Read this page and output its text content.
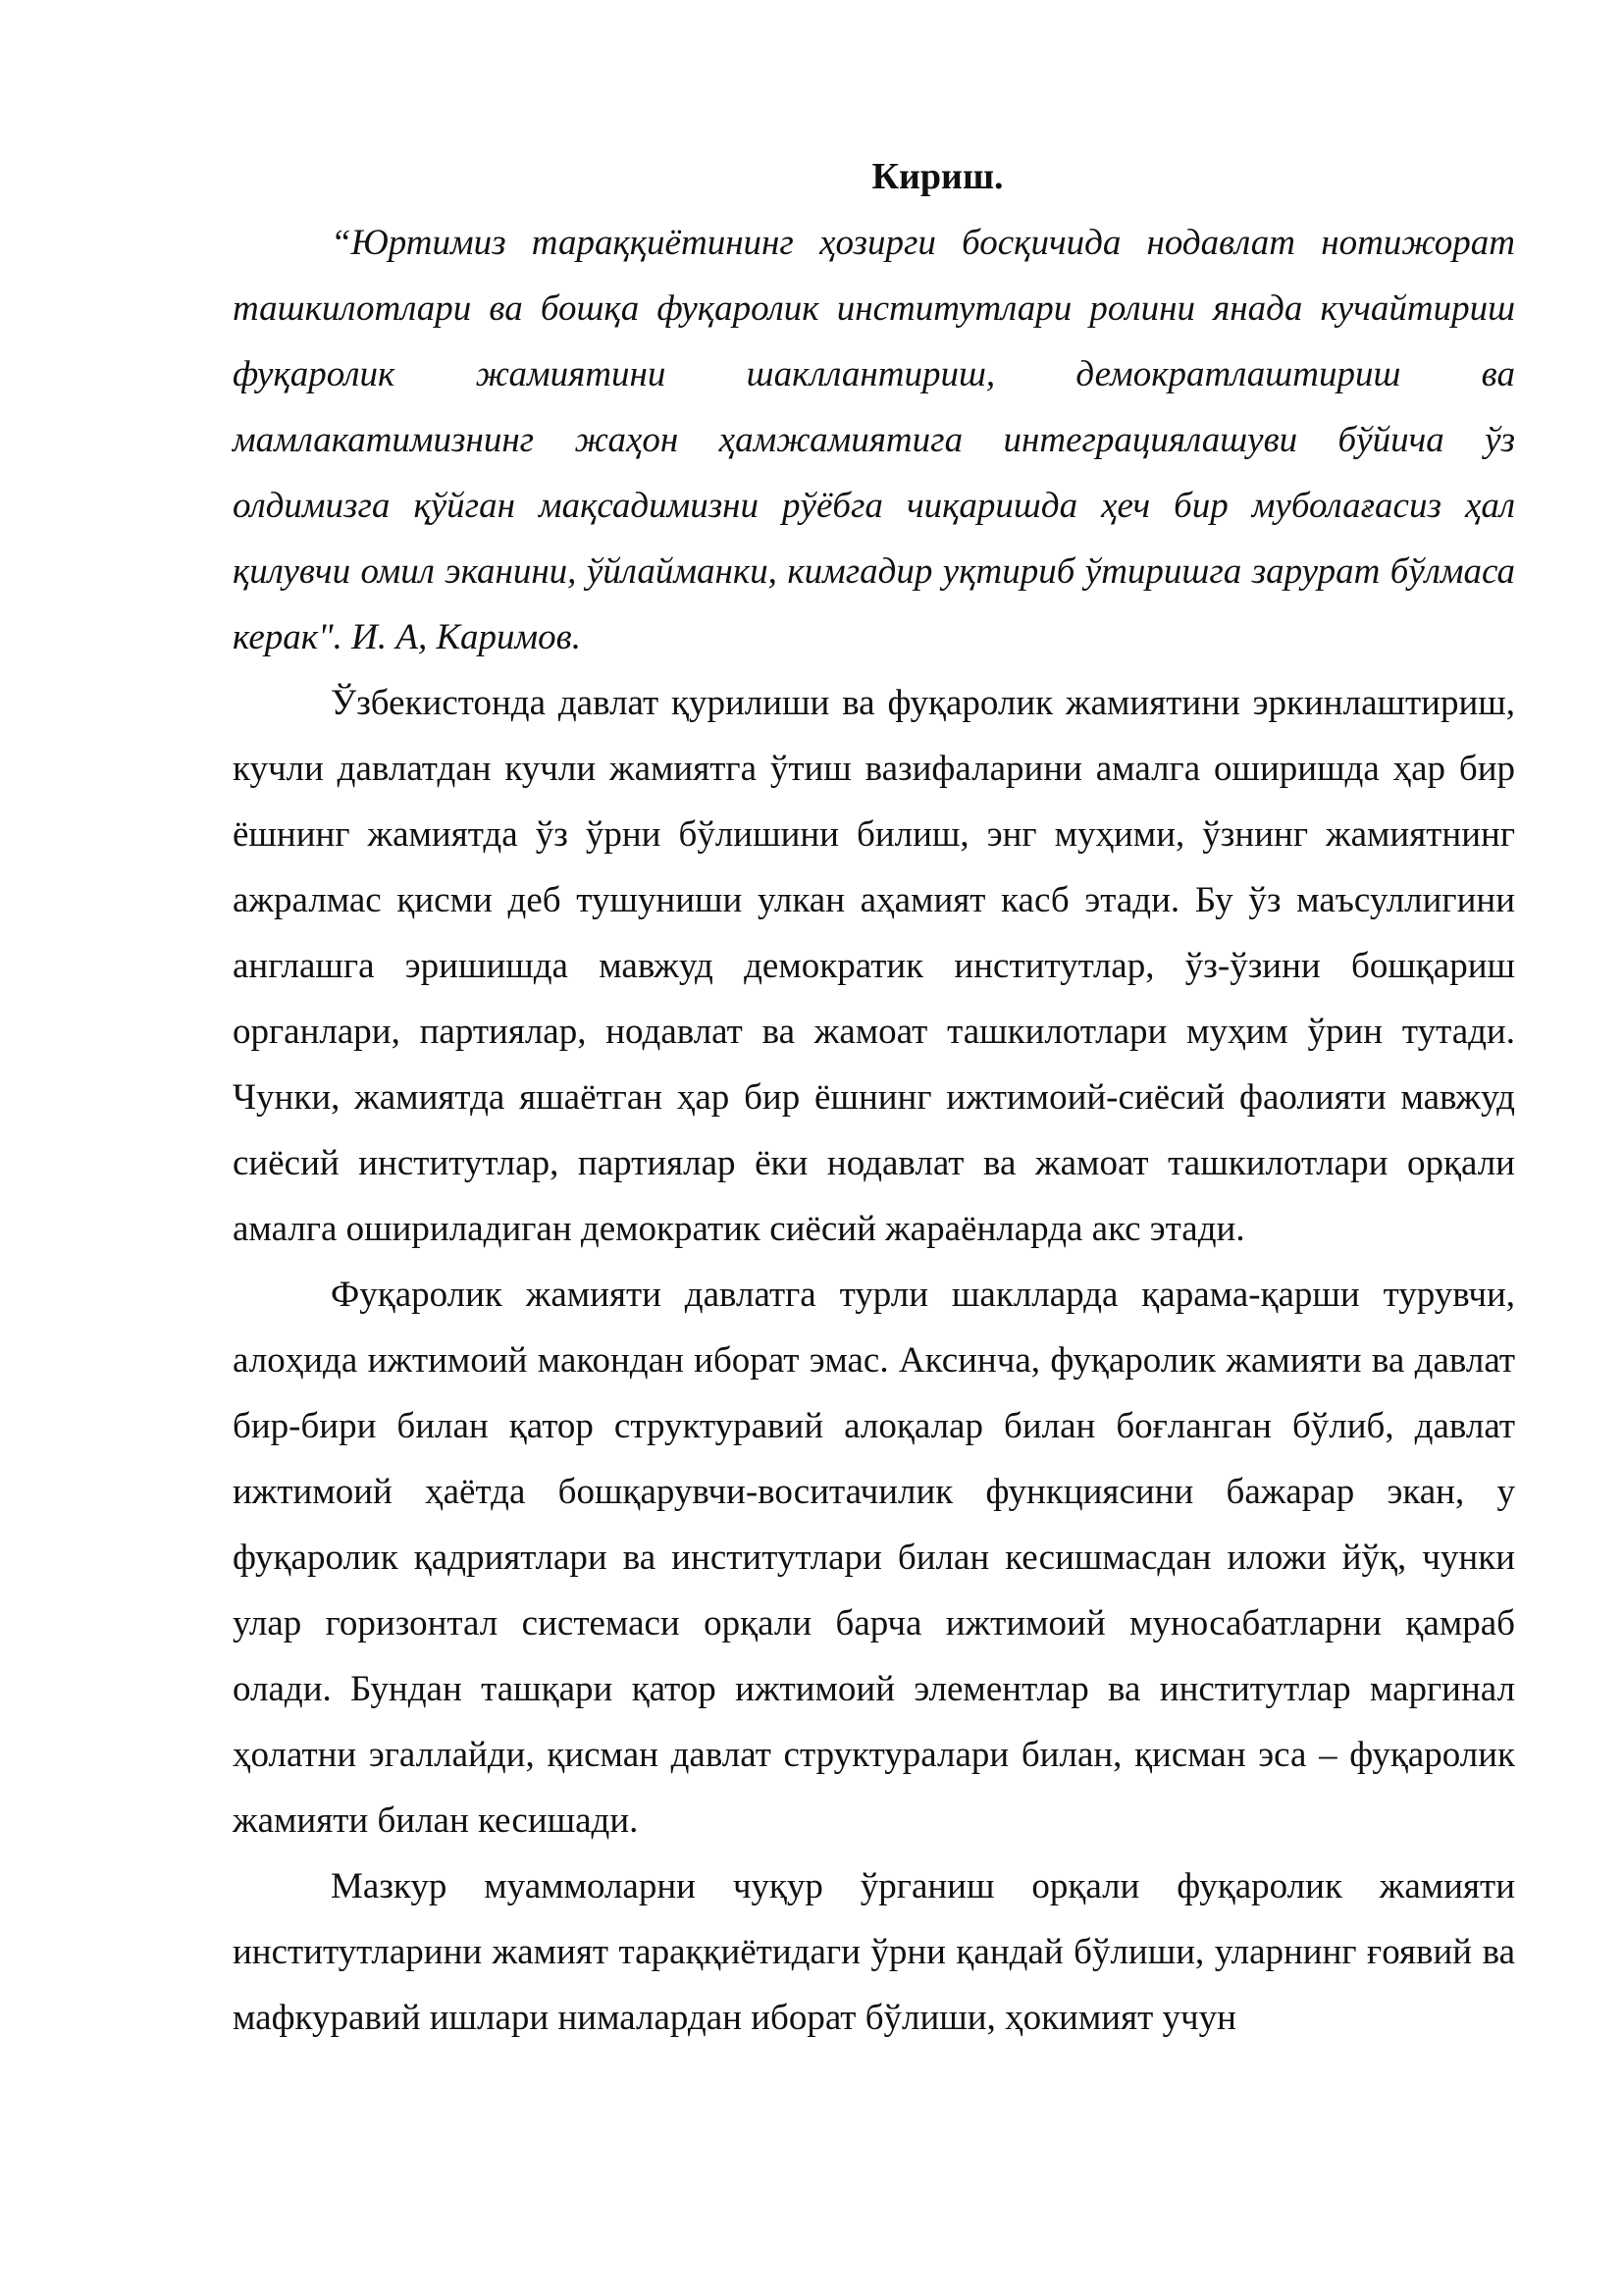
Кириш.

“Юртимиз тараққиётининг ҳозирги босқичида нодавлат нотижорат ташкилотлари ва бошқа фуқаролик институтлари ролини янада кучайтириш фуқаролик жамиятини шакллантириш, демократлаштириш ва мамлакатимизнинг жаҳон ҳамжамиятига интеграциялашуви бўйича ўз олдимизга қўйган мақсадимизни рўёбга чиқаришда ҳеч бир муболағасиз ҳал қилувчи омил эканини, ўйлайманки, кимгадир уқтириб ўтиришга зарурат бўлмаса керак". И. А, Каримов.

Ўзбекистонда давлат қурилиши ва фуқаролик жамиятини эркинлаштириш, кучли давлатдан кучли жамиятга ўтиш вазифаларини амалга оширишда ҳар бир ёшнинг жамиятда ўз ўрни бўлишини билиш, энг муҳими, ўзнинг жамиятнинг ажралмас қисми деб тушуниши улкан аҳамият касб этади. Бу ўз маъсуллигини англашга эришишда мавжуд демократик институтлар, ўз-ўзини бошқариш органлари, партиялар, нодавлат ва жамоат ташкилотлари муҳим ўрин тутади. Чунки, жамиятда яшаётган ҳар бир ёшнинг ижтимоий-сиёсий фаолияти мавжуд сиёсий институтлар, партиялар ёки нодавлат ва жамоат ташкилотлари орқали амалга ошириладиган демократик сиёсий жараёнларда акс этади.

Фуқаролик жамияти давлатга турли шаклларда қарама-қарши турувчи, алоҳида ижтимоий макондан иборат эмас. Аксинча, фуқаролик жамияти ва давлат бир-бири билан қатор структуравий алоқалар билан боғланган бўлиб, давлат ижтимоий ҳаётда бошқарувчи-воситачилик функциясини бажарар экан, у фуқаролик қадриятлари ва институтлари билан кесишмасдан иложи йўқ, чунки улар горизонтал системаси орқали барча ижтимоий муносабатларни қамраб олади. Бундан ташқари қатор ижтимоий элементлар ва институтлар маргинал ҳолатни эгаллайди, қисман давлат структуралари билан, қисман эса – фуқаролик жамияти билан кесишади.

Мазкур муаммоларни чуқур ўрганиш орқали фуқаролик жамияти институтларини жамият тараққиётидаги ўрни қандай бўлиши, уларнинг ғоявий ва мафкуравий ишлари нималардан иборат бўлиши, ҳокимият учун
